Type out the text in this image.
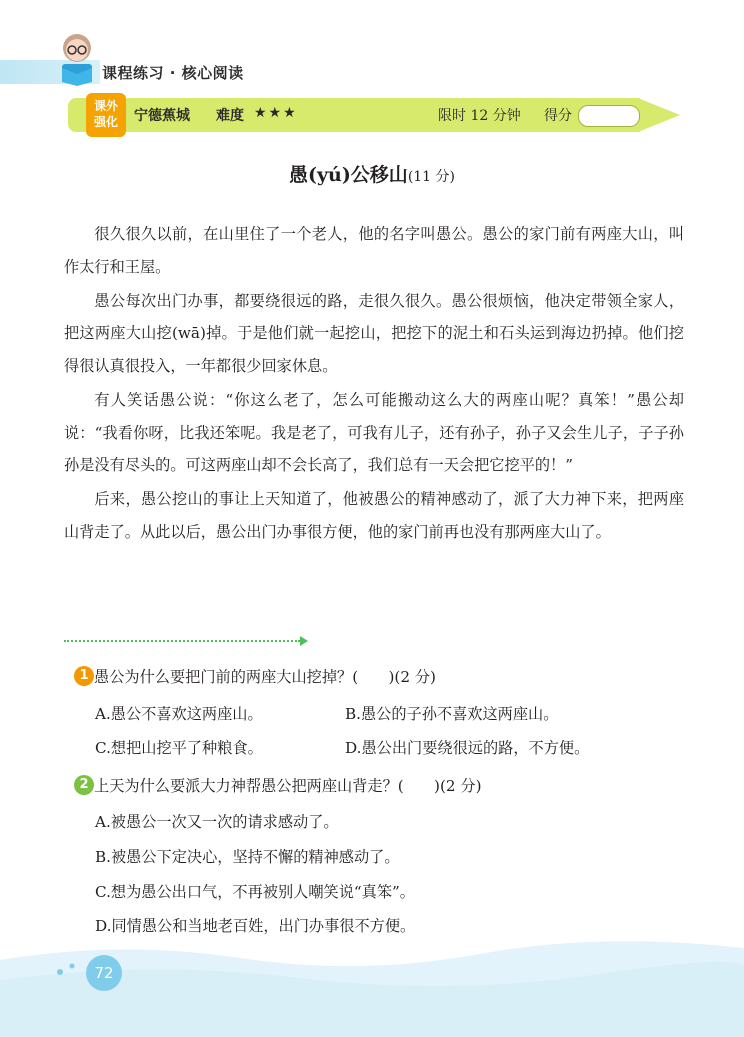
课程练习 · 核心阅读
课外
强化	宁德蕉城 难度 ★★★	限时 12 分钟 得分
愚(yú)公移山(11 分)

很久很久以前，在山里住了一个老人，他的名字叫愚公。愚公的家门前有两座大山，叫作太行和王屋。

愚公每次出门办事，都要绕很远的路，走很久很久。愚公很烦恼，他决定带领全家人，把这两座大山挖(wā)掉。于是他们就一起挖山，把挖下的泥土和石头运到海边扔掉。他们挖得很认真很投入，一年都很少回家休息。

有人笑话愚公说：“你这么老了，怎么可能搬动这么大的两座山呢？真笨！”愚公却说：“我看你呀，比我还笨呢。我是老了，可我有儿子，还有孙子，孙子又会生儿子，子子孙孙是没有尽头的。可这两座山却不会长高了，我们总有一天会把它挖平的！”

后来，愚公挖山的事让上天知道了，他被愚公的精神感动了，派了大力神下来，把两座山背走了。从此以后，愚公出门办事很方便，他的家门前再也没有那两座大山了。

1 愚公为什么要把门前的两座大山挖掉？(　　)(2 分)
A.愚公不喜欢这两座山。	B.愚公的子孙不喜欢这两座山。
C.想把山挖平了种粮食。	D.愚公出门要绕很远的路，不方便。
2 上天为什么要派大力神帮愚公把两座山背走？(　　)(2 分)
A.被愚公一次又一次的请求感动了。
B.被愚公下定决心，坚持不懈的精神感动了。
C.想为愚公出口气，不再被别人嘲笑说“真笨”。
D.同情愚公和当地老百姓，出门办事很不方便。
72
